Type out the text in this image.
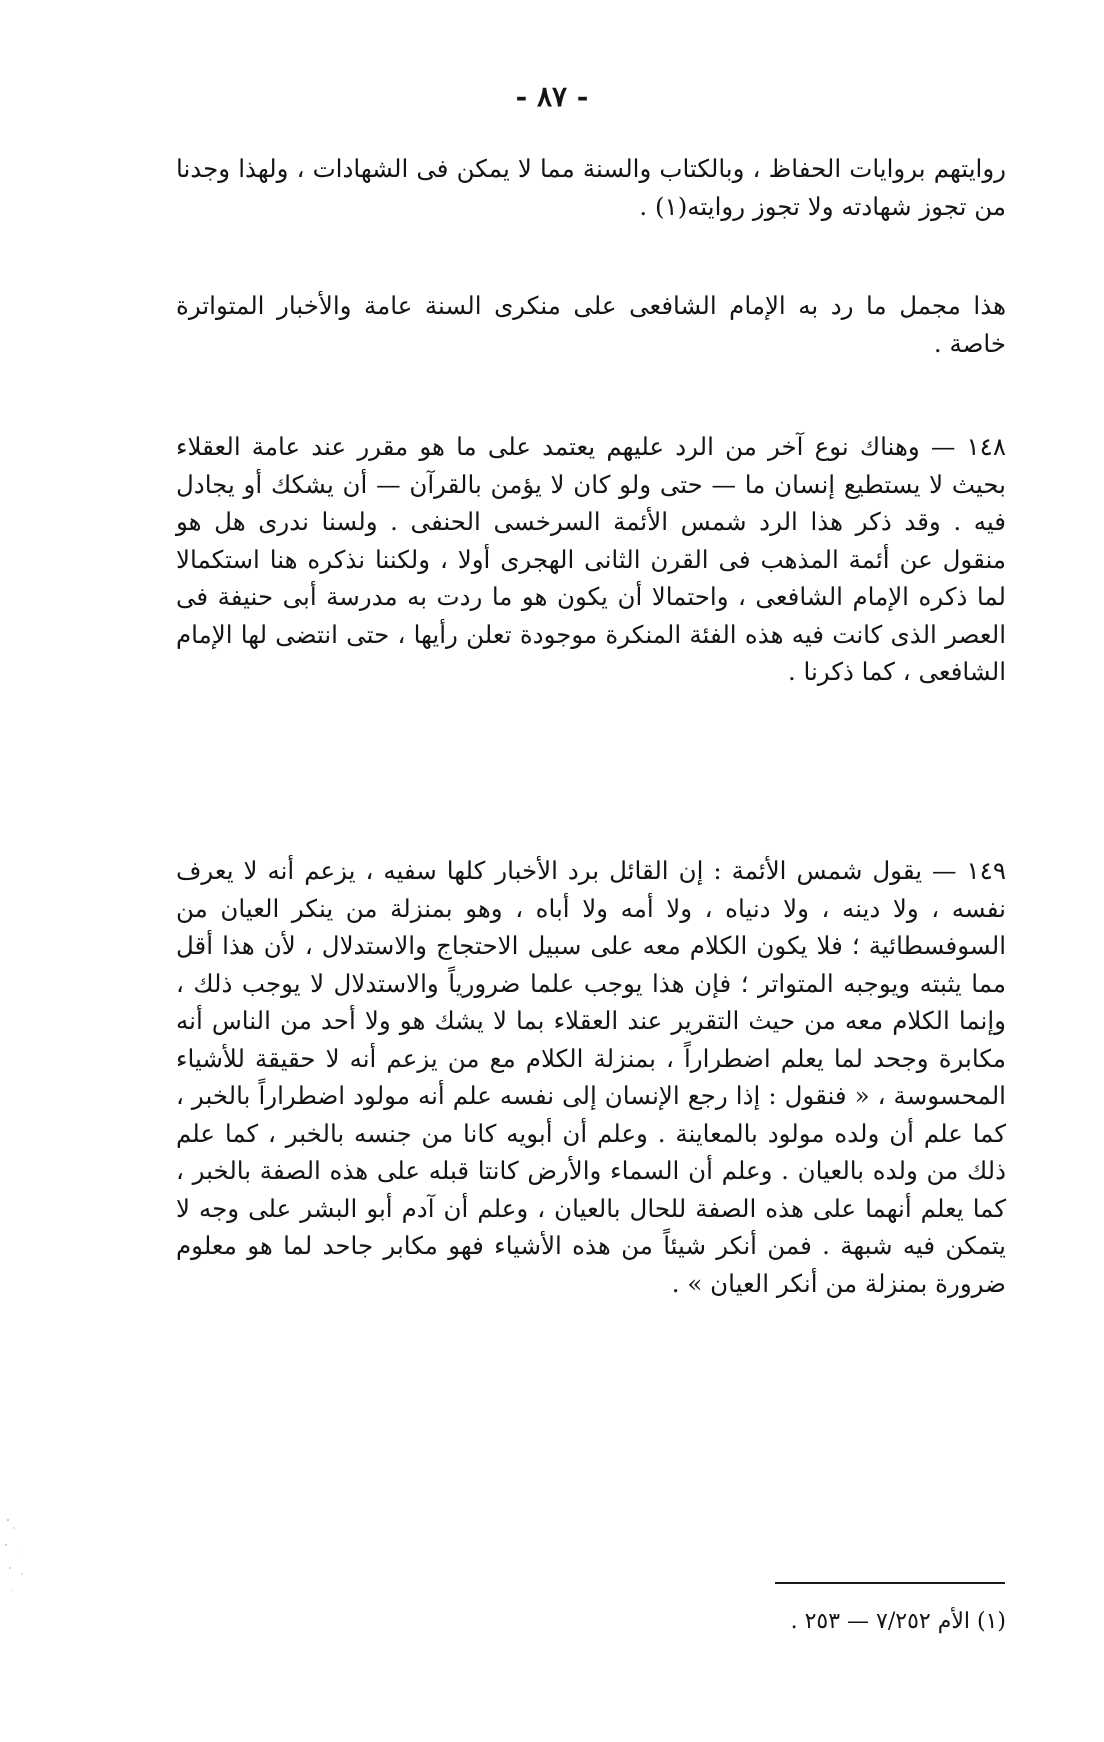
- ٨٧ -

روايتهم بروايات الحفاظ ، وبالكتاب والسنة مما لا يمكن فى الشهادات ، ولهذا وجدنا من تجوز شهادته ولا تجوز روايته(١) .

هذا مجمل ما رد به الإمام الشافعى على منكرى السنة عامة والأخبار المتواترة خاصة .

١٤٨ — وهناك نوع آخر من الرد عليهم يعتمد على ما هو مقرر عند عامة العقلاء بحيث لا يستطيع إنسان ما — حتى ولو كان لا يؤمن بالقرآن — أن يشكك أو يجادل فيه . وقد ذكر هذا الرد شمس الأئمة السرخسى الحنفى . ولسنا ندرى هل هو منقول عن أئمة المذهب فى القرن الثانى الهجرى أولا ، ولكننا نذكره هنا استكمالا لما ذكره الإمام الشافعى ، واحتمالا أن يكون هو ما ردت به مدرسة أبى حنيفة فى العصر الذى كانت فيه هذه الفئة المنكرة موجودة تعلن رأيها ، حتى انتضى لها الإمام الشافعى ، كما ذكرنا .

١٤٩ — يقول شمس الأئمة : إن القائل برد الأخبار كلها سفيه ، يزعم أنه لا يعرف نفسه ، ولا دينه ، ولا دنياه ، ولا أمه ولا أباه ، وهو بمنزلة من ينكر العيان من السوفسطائية ؛ فلا يكون الكلام معه على سبيل الاحتجاج والاستدلال ، لأن هذا أقل مما يثبته ويوجبه المتواتر ؛ فإن هذا يوجب علما ضرورياً والاستدلال لا يوجب ذلك ، وإنما الكلام معه من حيث التقرير عند العقلاء بما لا يشك هو ولا أحد من الناس أنه مكابرة وجحد لما يعلم اضطراراً ، بمنزلة الكلام مع من يزعم أنه لا حقيقة للأشياء المحسوسة ، « فنقول : إذا رجع الإنسان إلى نفسه علم أنه مولود اضطراراً بالخبر ، كما علم أن ولده مولود بالمعاينة . وعلم أن أبويه كانا من جنسه بالخبر ، كما علم ذلك من ولده بالعيان . وعلم أن السماء والأرض كانتا قبله على هذه الصفة بالخبر ، كما يعلم أنهما على هذه الصفة للحال بالعيان ، وعلم أن آدم أبو البشر على وجه لا يتمكن فيه شبهة . فمن أنكر شيئاً من هذه الأشياء فهو مكابر جاحد لما هو معلوم ضرورة بمنزلة من أنكر العيان » .

(١) الأم ٧/٢٥٢ — ٢٥٣ .
